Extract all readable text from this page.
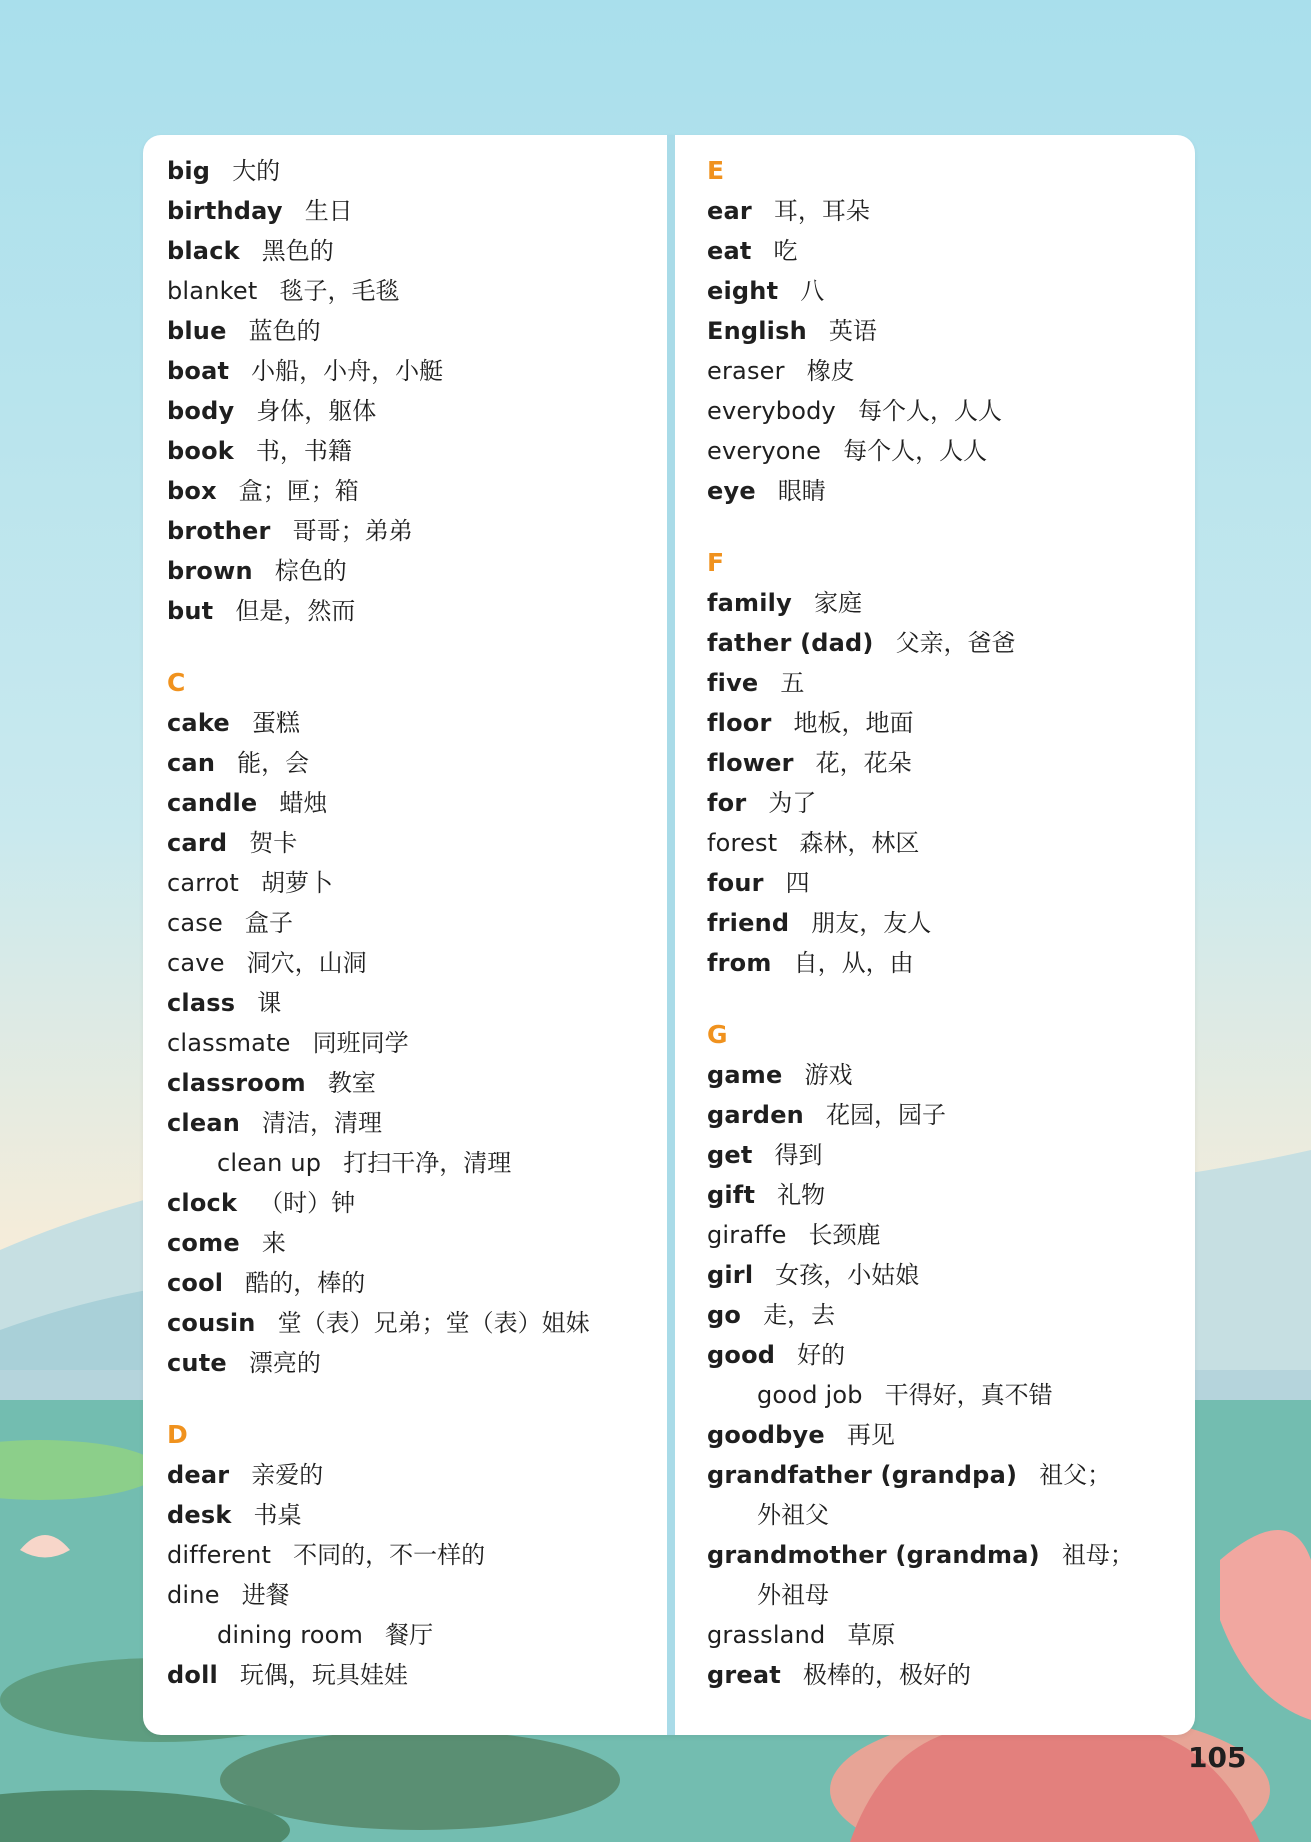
big 大的
birthday 生日
black 黑色的
blanket 毯子，毛毯
blue 蓝色的
boat 小船，小舟，小艇
body 身体，躯体
book 书，书籍
box 盒；匣；箱
brother 哥哥；弟弟
brown 棕色的
but 但是，然而
C
cake 蛋糕
can 能，会
candle 蜡烛
card 贺卡
carrot 胡萝卜
case 盒子
cave 洞穴，山洞
class 课
classmate 同班同学
classroom 教室
clean 清洁，清理
clean up 打扫干净，清理
clock （时）钟
come 来
cool 酷的，棒的
cousin 堂（表）兄弟；堂（表）姐妹
cute 漂亮的
D
dear 亲爱的
desk 书桌
different 不同的，不一样的
dine 进餐
dining room 餐厅
doll 玩偶，玩具娃娃
E
ear 耳，耳朵
eat 吃
eight 八
English 英语
eraser 橡皮
everybody 每个人，人人
everyone 每个人，人人
eye 眼睛
F
family 家庭
father (dad) 父亲，爸爸
five 五
floor 地板，地面
flower 花，花朵
for 为了
forest 森林，林区
four 四
friend 朋友，友人
from 自，从，由
G
game 游戏
garden 花园，园子
get 得到
gift 礼物
giraffe 长颈鹿
girl 女孩，小姑娘
go 走，去
good 好的
good job 干得好，真不错
goodbye 再见
grandfather (grandpa) 祖父；
外祖父
grandmother (grandma) 祖母；
外祖母
grassland 草原
great 极棒的，极好的
105
